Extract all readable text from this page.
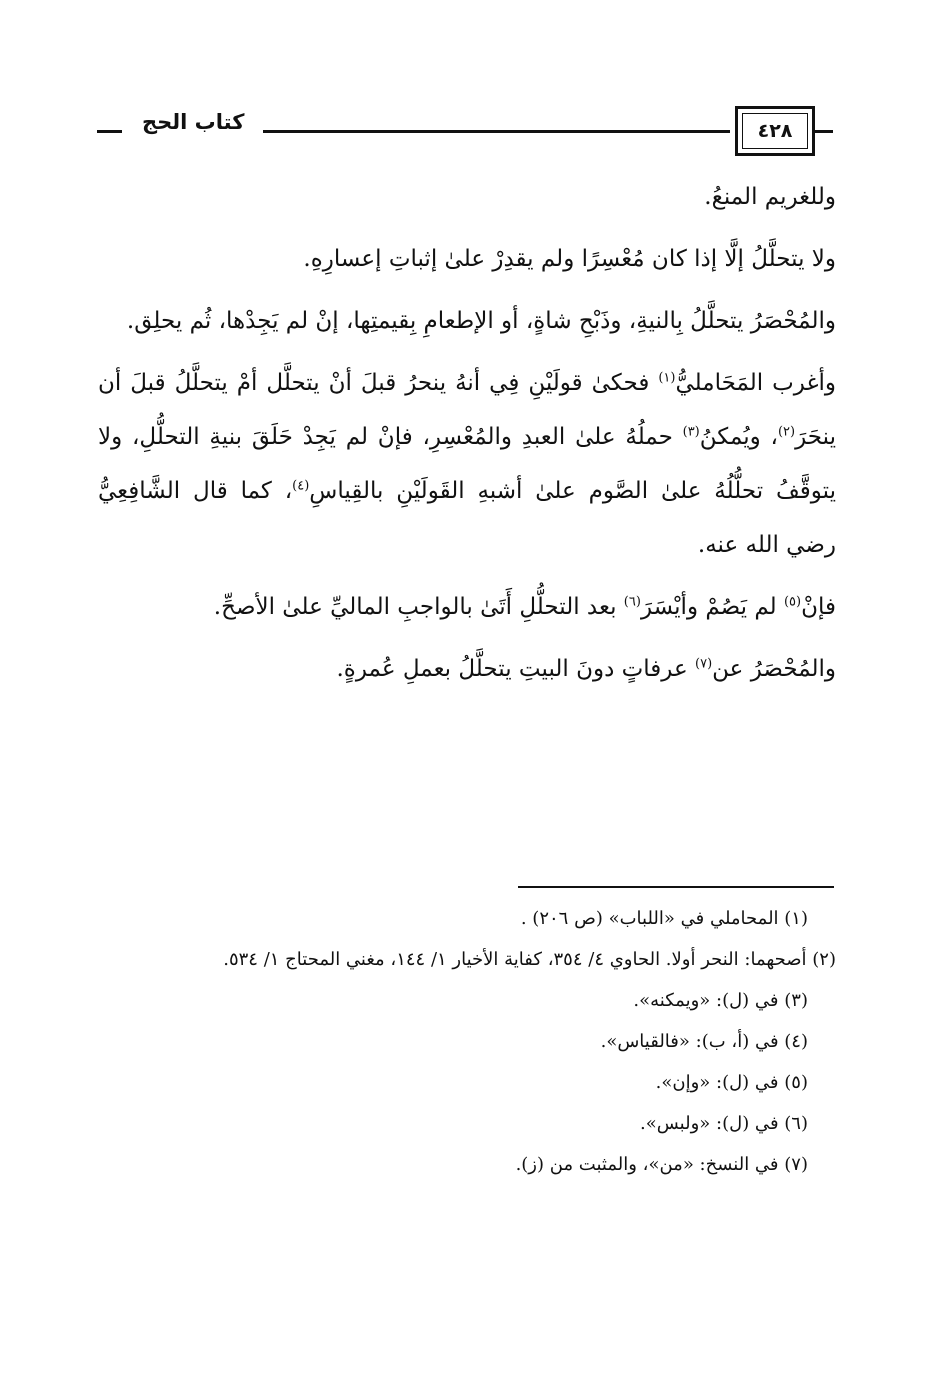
كتاب الحج	٤٢٨

وللغريم المنعُ.

ولا يتحلَّلُ إلَّا إذا كان مُعْسِرًا ولم يقدِرْ علىٰ إثباتِ إعسارِهِ.

والمُحْصَرُ يتحلَّلُ بِالنيةِ، وذَبْحِ شاةٍ، أو الإطعامِ بِقيمتِها، إنْ لم يَجِدْها، ثُم يحلِق.

وأغرب المَحَامليُّ$^{(١)}$ فحكىٰ قولَيْنِ فِي أنهُ ينحرُ قبلَ أنْ يتحلَّل أمْ يتحلَّلُ قبلَ أن ينحَرَ$^{(٢)}$، ويُمكنُ$^{(٣)}$ حملُهُ علىٰ العبدِ والمُعْسِرِ، فإنْ لم يَجِدْ حَلَقَ بنيةِ التحلُّلِ، ولا يتوقَّفُ تحلُّلُهُ علىٰ الصَّوم علىٰ أشبهِ القَولَيْنِ بالقِياسِ$^{(٤)}$، كما قال الشَّافِعِيُّ رضي الله عنه.

فإنْ$^{(٥)}$ لم يَصُمْ وأيْسَرَ$^{(٦)}$ بعد التحلُّلِ أَتَىٰ بالواجبِ الماليِّ علىٰ الأصحِّ.

والمُحْصَرُ عن$^{(٧)}$ عرفاتٍ دونَ البيتِ يتحلَّلُ بعملِ عُمرةٍ.

(١) المحاملي في «اللباب» (ص ٢٠٦) .

(٢) أصحهما: النحر أولا. الحاوي ٤/ ٣٥٤، كفاية الأخيار ١/ ١٤٤، مغني المحتاج ١/ ٥٣٤.

(٣) في (ل): «ويمكنه».

(٤) في (أ، ب): «فالقياس».

(٥) في (ل): «وإن».

(٦) في (ل): «ولبس».

(٧) في النسخ: «من»، والمثبت من (ز).
